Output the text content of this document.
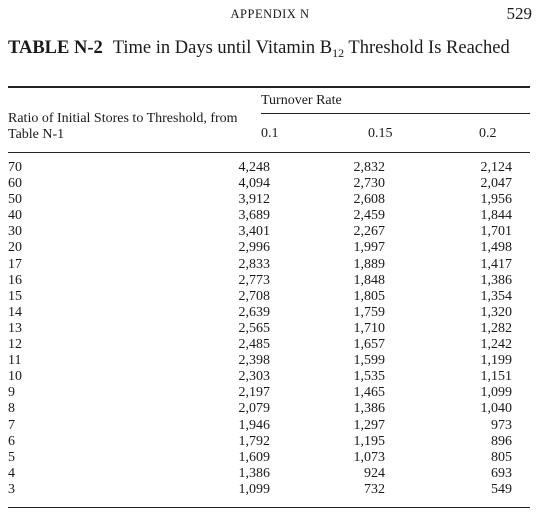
APPENDIX N	529
TABLE N-2 Time in Days until Vitamin $B_{12}$ Threshold Is Reached
Turnover Rate
Ratio of Initial Stores to Threshold, from Table N-1	0.1	0.15	0.2
70	4,248	2,832	2,124
60	4,094	2,730	2,047
50	3,912	2,608	1,956
40	3,689	2,459	1,844
30	3,401	2,267	1,701
20	2,996	1,997	1,498
17	2,833	1,889	1,417
16	2,773	1,848	1,386
15	2,708	1,805	1,354
14	2,639	1,759	1,320
13	2,565	1,710	1,282
12	2,485	1,657	1,242
11	2,398	1,599	1,199
10	2,303	1,535	1,151
9	2,197	1,465	1,099
8	2,079	1,386	1,040
7	1,946	1,297	973
6	1,792	1,195	896
5	1,609	1,073	805
4	1,386	924	693
3	1,099	732	549
